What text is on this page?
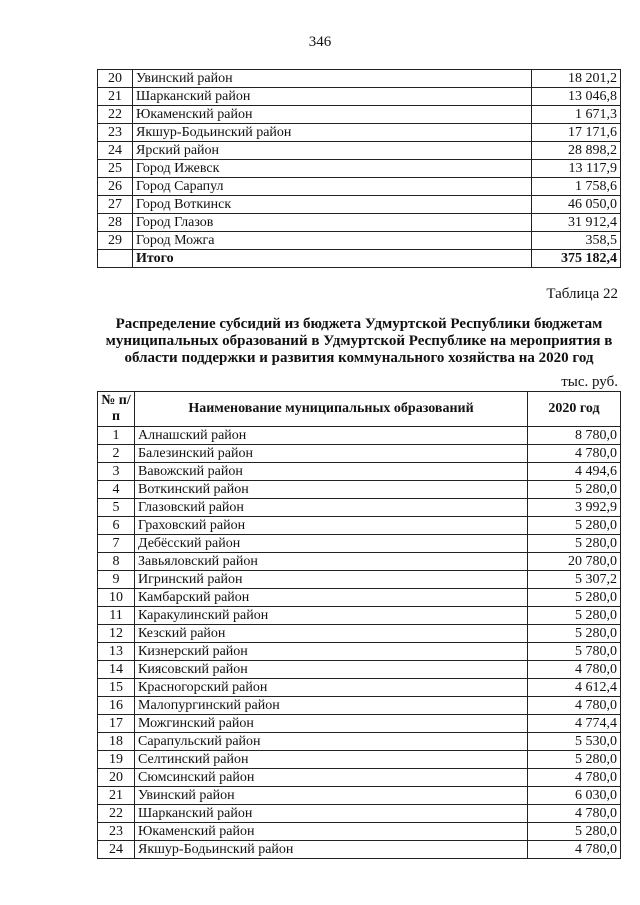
346
20	Увинский район	18 201,2
21	Шарканский район	13 046,8
22	Юкаменский район	1 671,3
23	Якшур-Бодьинский район	17 171,6
24	Ярский район	28 898,2
25	Город Ижевск	13 117,9
26	Город Сарапул	1 758,6
27	Город Воткинск	46 050,0
28	Город Глазов	31 912,4
29	Город Можга	358,5
	Итого	375 182,4
Таблица 22
Распределение субсидий из бюджета Удмуртской Республики бюджетам муниципальных образований в Удмуртской Республике на мероприятия в области поддержки и развития коммунального хозяйства на 2020 год
тыс. руб.
№ п/п	Наименование муниципальных образований	2020 год
1	Алнашский район	8 780,0
2	Балезинский район	4 780,0
3	Вавожский район	4 494,6
4	Воткинский район	5 280,0
5	Глазовский район	3 992,9
6	Граховский район	5 280,0
7	Дебёсский район	5 280,0
8	Завьяловский район	20 780,0
9	Игринский район	5 307,2
10	Камбарский район	5 280,0
11	Каракулинский район	5 280,0
12	Кезский район	5 280,0
13	Кизнерский район	5 780,0
14	Киясовский район	4 780,0
15	Красногорский район	4 612,4
16	Малопургинский район	4 780,0
17	Можгинский район	4 774,4
18	Сарапульский район	5 530,0
19	Селтинский район	5 280,0
20	Сюмсинский район	4 780,0
21	Увинский район	6 030,0
22	Шарканский район	4 780,0
23	Юкаменский район	5 280,0
24	Якшур-Бодьинский район	4 780,0
